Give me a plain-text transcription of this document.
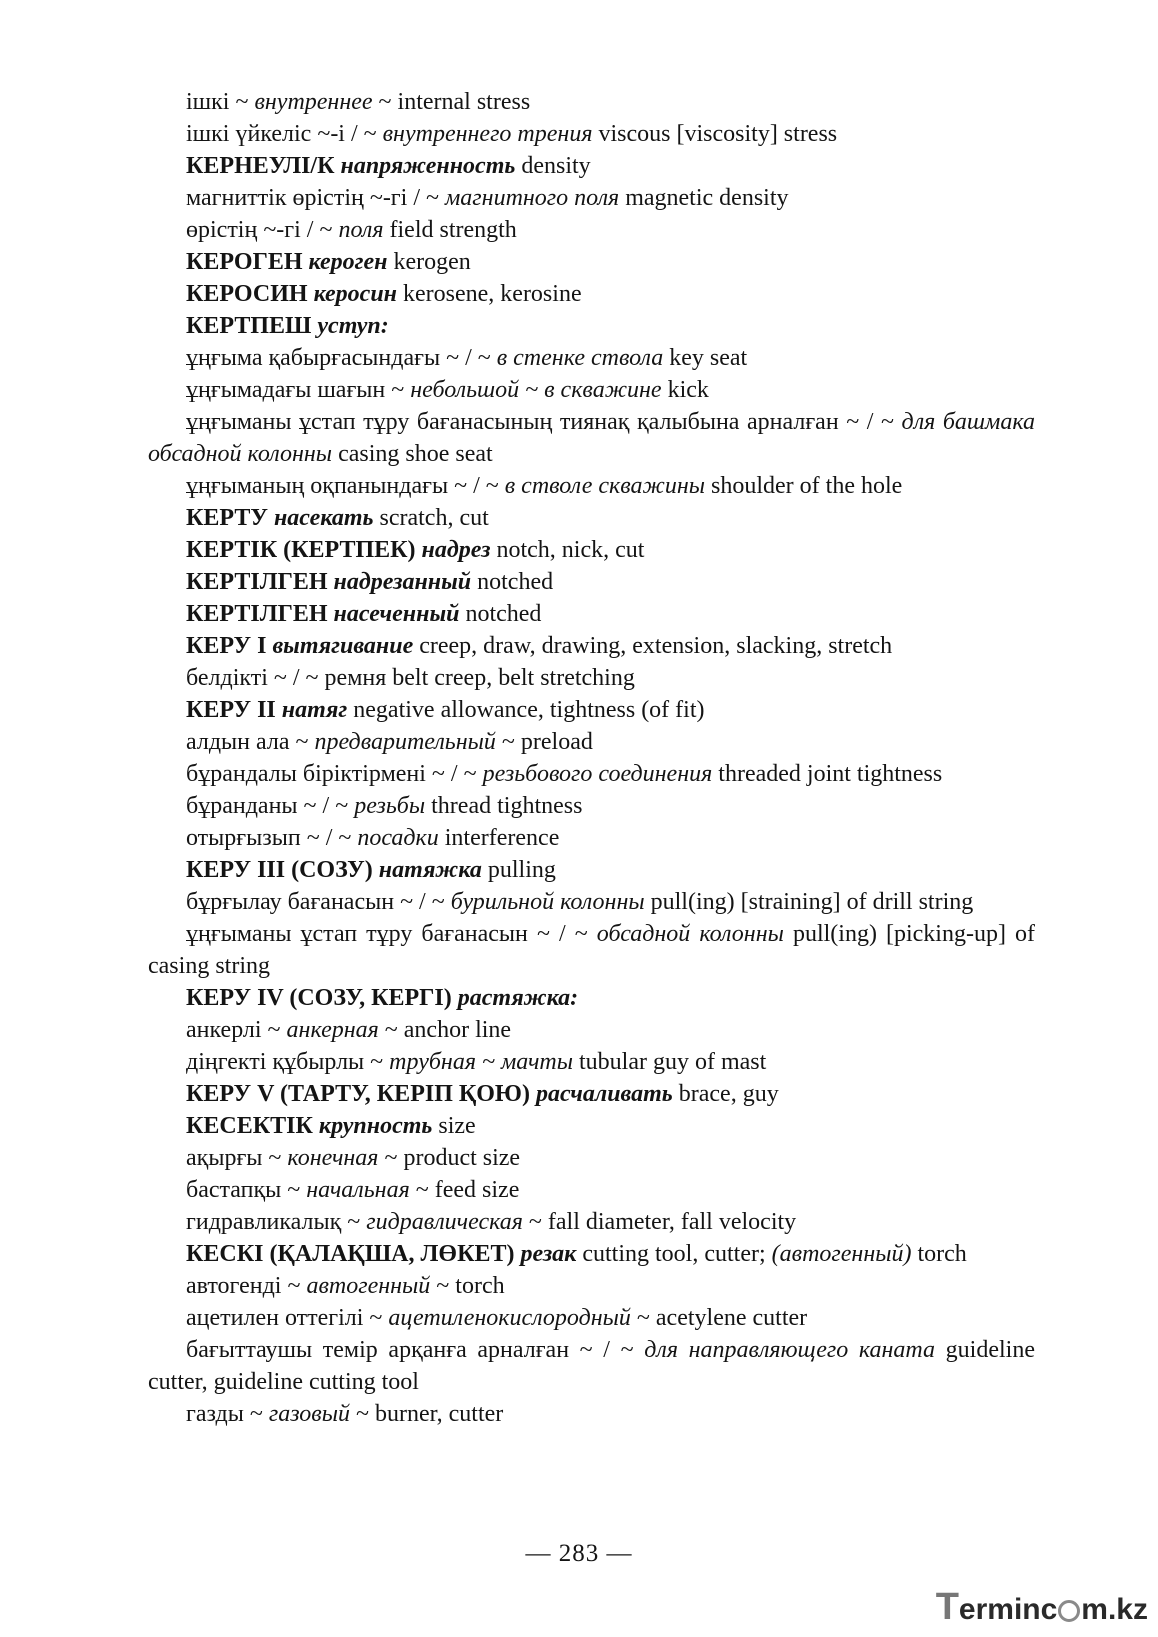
ішкі ~ внутреннее ~ internal stress

ішкі үйкеліс ~-і / ~ внутреннего трения viscous [viscosity] stress

КЕРНЕУЛІ/К напряженность density

магниттік өрістің ~-гі / ~ магнитного поля magnetic density

өрістің ~-гі / ~ поля field strength

КЕРОГЕН кероген kerogen

КЕРОСИН керосин kerosene, kerosine

КЕРТПЕШ уступ:

ұңғыма қабырғасындағы ~ / ~ в стенке ствола key seat

ұңғымадағы шағын ~ небольшой ~ в скважине kick

ұңғыманы ұстап тұру бағанасының тиянақ қалыбына арналған ~ / ~ для башмака обсадной колонны casing shoe seat

ұңғыманың оқпанындағы ~ / ~ в стволе скважины shoulder of the hole

КЕРТУ насекать scratch, cut

КЕРТІК (КЕРТПЕК) надрез notch, nick, cut

КЕРТІЛГЕН надрезанный notched

КЕРТІЛГЕН насеченный notched

КЕРУ I вытягивание creep, draw, drawing, extension, slacking, stretch

белдікті ~ / ~ ремня belt creep, belt stretching

КЕРУ II натяг negative allowance, tightness (of fit)

алдын ала ~ предварительный ~ preload

бұрандалы біріктірмені ~ / ~ резьбового соединения threaded joint tightness

бұранданы ~ / ~ резьбы thread tightness

отырғызып ~ / ~ посадки interference

КЕРУ III (СОЗУ) натяжка pulling

бұрғылау бағанасын ~ / ~ бурильной колонны pull(ing) [straining] of drill string

ұңғыманы ұстап тұру бағанасын ~ / ~ обсадной колонны pull(ing) [picking-up] of casing string

КЕРУ IV (СОЗУ, КЕРГІ) растяжка:

анкерлі ~ анкерная ~ anchor line

діңгекті құбырлы ~ трубная ~ мачты tubular guy of mast

КЕРУ V (ТАРТУ, КЕРІП ҚОЮ) расчаливать brace, guy

КЕСЕКТІК крупность size

ақырғы ~ конечная ~ product size

бастапқы ~ начальная ~ feed size

гидравликалық ~ гидравлическая ~ fall diameter, fall velocity

КЕСКІ (ҚАЛАҚША, ЛӨКЕТ) резак cutting tool, cutter; (автогенный) torch

автогенді ~ автогенный ~ torch

ацетилен оттегілі ~ ацетиленокислородный ~ acetylene cutter

бағыттаушы темір арқанға арналған ~ / ~ для направляющего каната guideline cutter, guideline cutting tool

газды ~ газовый ~ burner, cutter

— 283 —
Terminc m.kz
